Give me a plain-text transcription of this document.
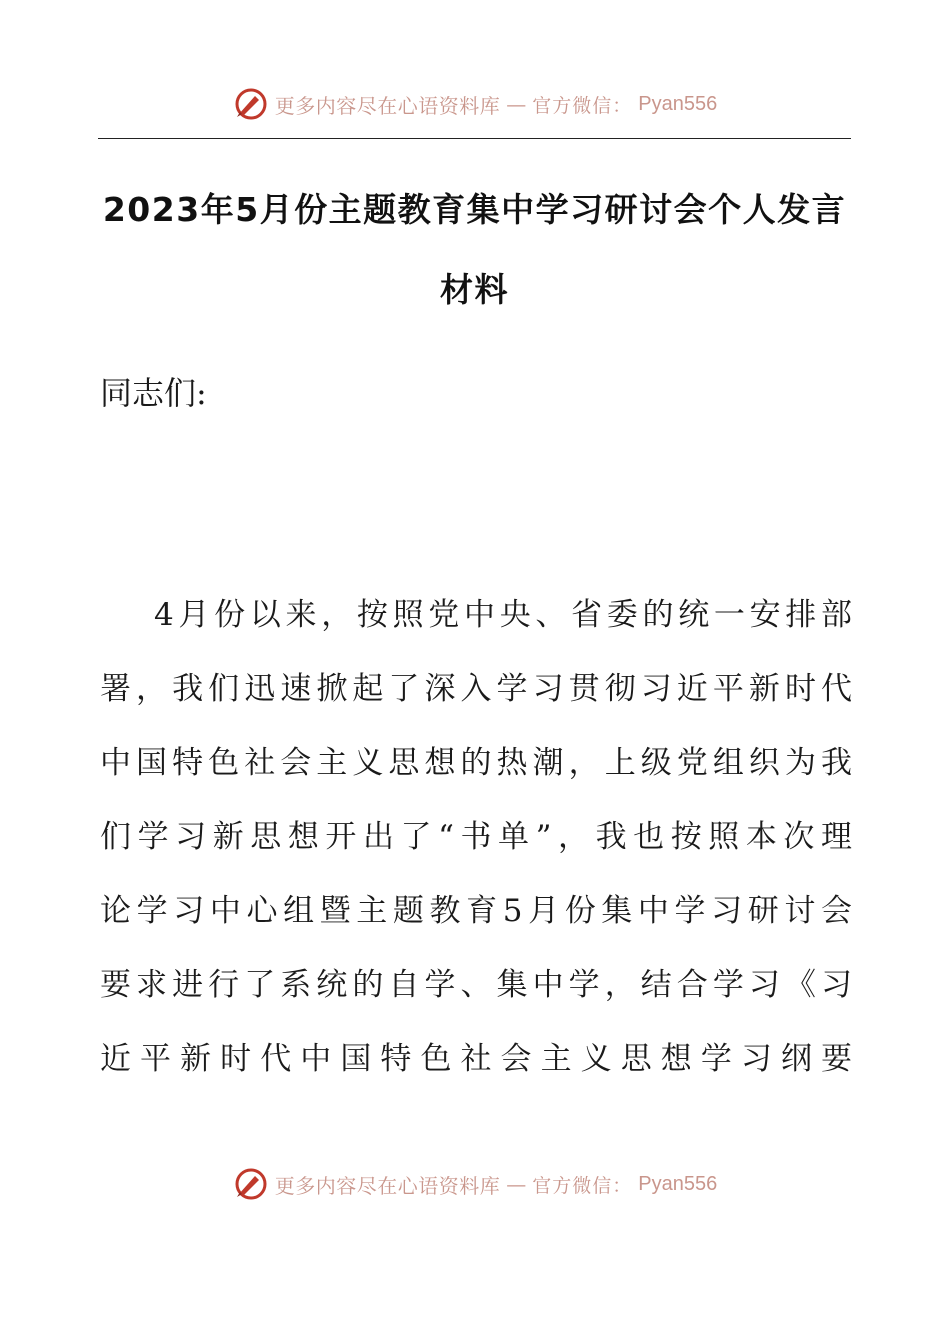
更多内容尽在心语资料库 — 官方微信： Pyan556
2023年5月份主题教育集中学习研讨会个人发言
材料
同志们:
4月份以来，按照党中央、省委的统一安排部
署，我们迅速掀起了深入学习贯彻习近平新时代
中国特色社会主义思想的热潮，上级党组织为我
们学习新思想开出了“书单”，我也按照本次理
论学习中心组暨主题教育5月份集中学习研讨会
要求进行了系统的自学、集中学，结合学习《习
近平新时代中国特色社会主义思想学习纲要
更多内容尽在心语资料库 — 官方微信： Pyan556
